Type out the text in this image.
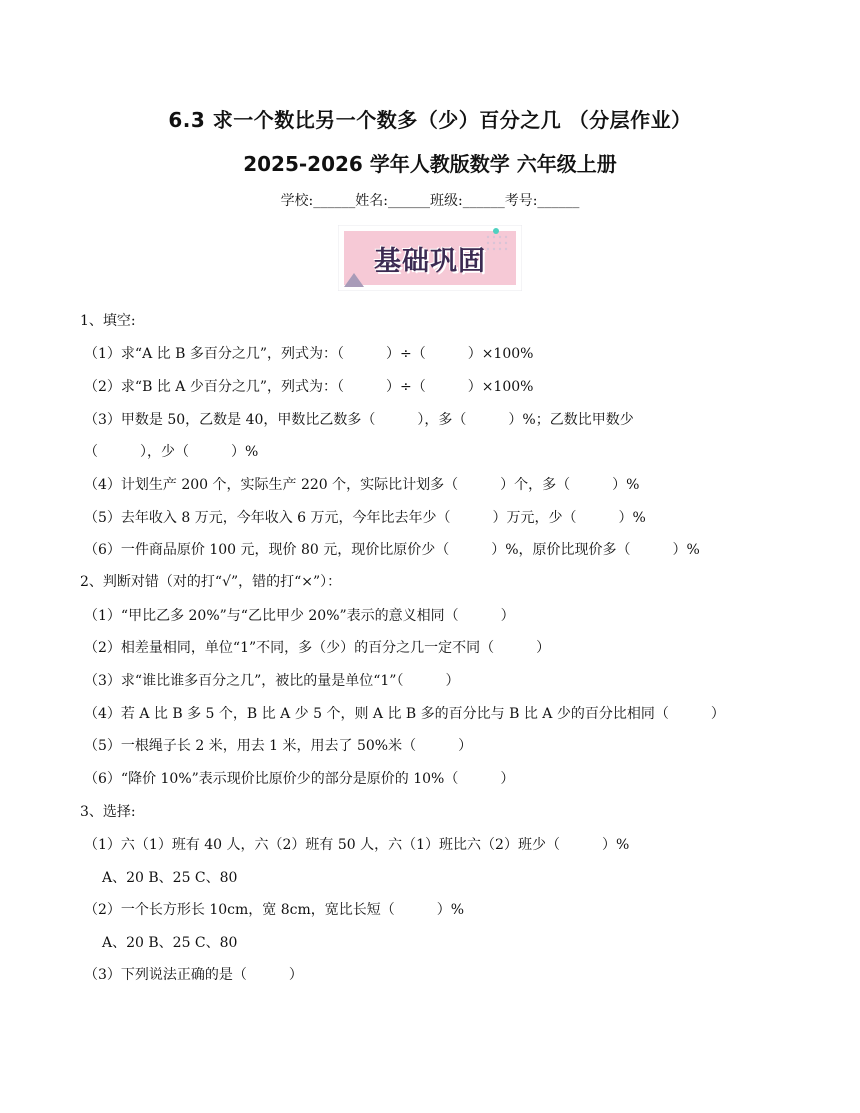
6.3 求一个数比另一个数多（少）百分之几 （分层作业）
2025-2026 学年人教版数学 六年级上册
学校:______姓名:______班级:______考号:______
基础巩固
1、填空:
（1）求“A 比 B 多百分之几”，列式为：（　　　）÷（　　　）×100%
（2）求“B 比 A 少百分之几”，列式为：（　　　）÷（　　　）×100%
（3）甲数是 50，乙数是 40，甲数比乙数多（　　　），多（　　　）%；乙数比甲数少
（　　　），少（　　　）%
（4）计划生产 200 个，实际生产 220 个，实际比计划多（　　　）个，多（　　　）%
（5）去年收入 8 万元，今年收入 6 万元，今年比去年少（　　　）万元，少（　　　）%
（6）一件商品原价 100 元，现价 80 元，现价比原价少（　　　）%，原价比现价多（　　　）%
2、判断对错（对的打“√”，错的打“×”）：
（1）“甲比乙多 20%”与“乙比甲少 20%”表示的意义相同（　　　）
（2）相差量相同，单位“1”不同，多（少）的百分之几一定不同（　　　）
（3）求“谁比谁多百分之几”，被比的量是单位“1”（　　　）
（4）若 A 比 B 多 5 个，B 比 A 少 5 个，则 A 比 B 多的百分比与 B 比 A 少的百分比相同（　　　）
（5）一根绳子长 2 米，用去 1 米，用去了 50%米（　　　）
（6）“降价 10%”表示现价比原价少的部分是原价的 10%（　　　）
3、选择:
（1）六（1）班有 40 人，六（2）班有 50 人，六（1）班比六（2）班少（　　　）%
A、20 B、25 C、80
（2）一个长方形长 10cm，宽 8cm，宽比长短（　　　）%
A、20 B、25 C、80
（3）下列说法正确的是（　　　）
